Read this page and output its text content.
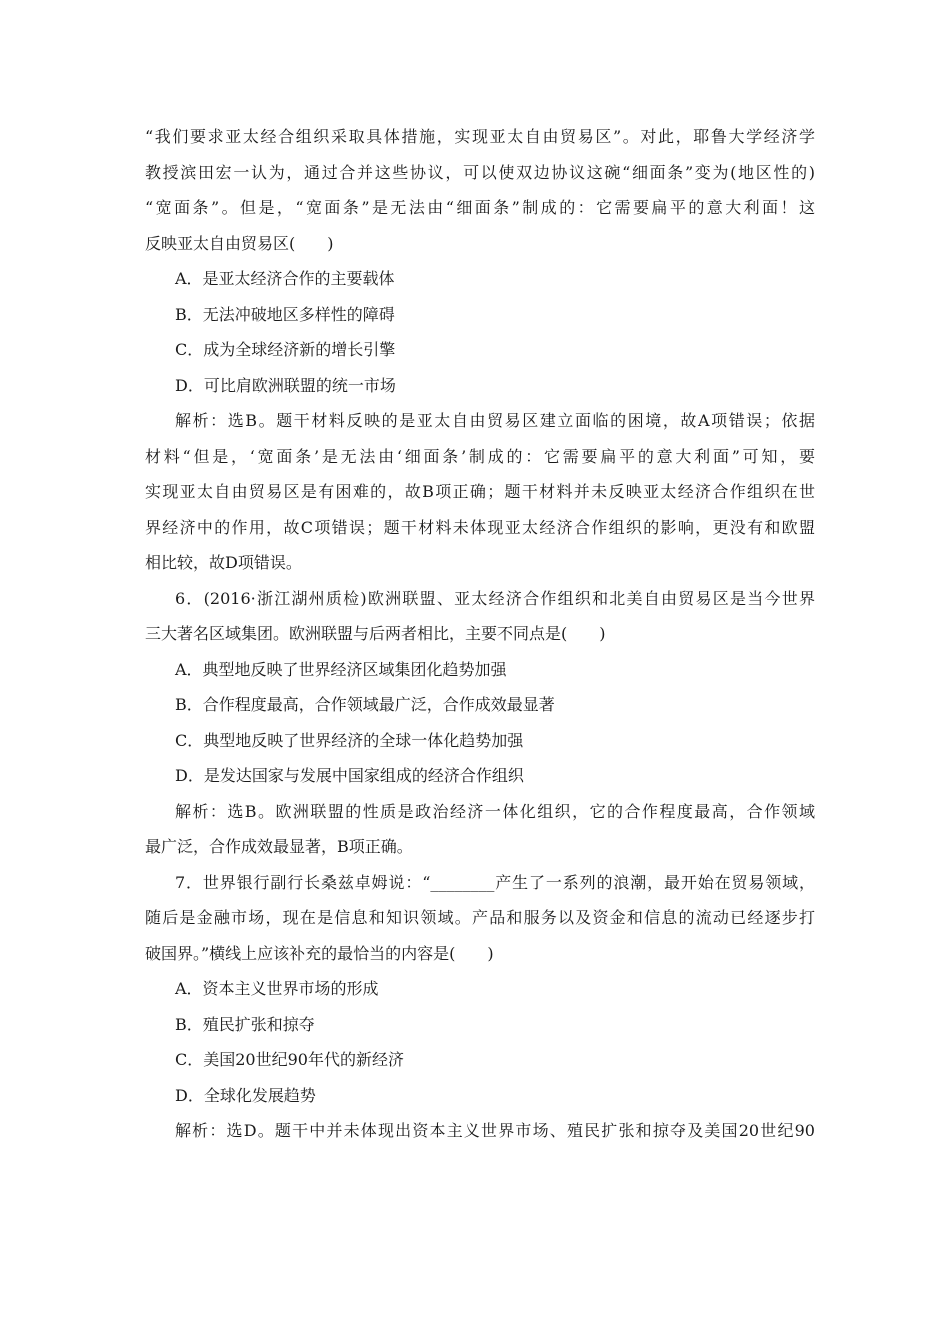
“我们要求亚太经合组织采取具体措施，实现亚太自由贸易区”。对此，耶鲁大学经济学
教授滨田宏一认为，通过合并这些协议，可以使双边协议这碗“细面条”变为(地区性的)
“宽面条”。但是，“宽面条”是无法由“细面条”制成的：它需要扁平的意大利面！这
反映亚太自由贸易区(　　)
A．是亚太经济合作的主要载体
B．无法冲破地区多样性的障碍
C．成为全球经济新的增长引擎
D．可比肩欧洲联盟的统一市场
解析：选B。题干材料反映的是亚太自由贸易区建立面临的困境，故A项错误；依据
材料“但是，‘宽面条’是无法由‘细面条’制成的：它需要扁平的意大利面”可知，要
实现亚太自由贸易区是有困难的，故B项正确；题干材料并未反映亚太经济合作组织在世
界经济中的作用，故C项错误；题干材料未体现亚太经济合作组织的影响，更没有和欧盟
相比较，故D项错误。
6．(2016·浙江湖州质检)欧洲联盟、亚太经济合作组织和北美自由贸易区是当今世界
三大著名区域集团。欧洲联盟与后两者相比，主要不同点是(　　)
A．典型地反映了世界经济区域集团化趋势加强
B．合作程度最高，合作领域最广泛，合作成效最显著
C．典型地反映了世界经济的全球一体化趋势加强
D．是发达国家与发展中国家组成的经济合作组织
解析：选B。欧洲联盟的性质是政治经济一体化组织，它的合作程度最高，合作领域
最广泛，合作成效最显著，B项正确。
7．世界银行副行长桑兹卓姆说：“________产生了一系列的浪潮，最开始在贸易领域，
随后是金融市场，现在是信息和知识领域。产品和服务以及资金和信息的流动已经逐步打
破国界。”横线上应该补充的最恰当的内容是(　　)
A．资本主义世界市场的形成
B．殖民扩张和掠夺
C．美国20世纪90年代的新经济
D．全球化发展趋势
解析：选D。题干中并未体现出资本主义世界市场、殖民扩张和掠夺及美国20世纪90
